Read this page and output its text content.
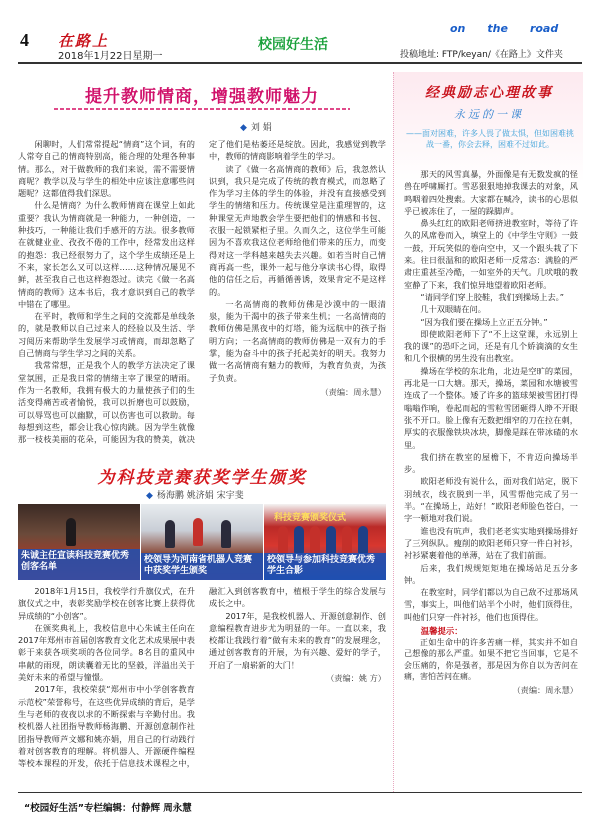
4 在路上
2018年1月22日星期一
校园好生活
on the road
投稿地址: FTP/keyan/《在路上》文件夹
提升教师情商，增强教师魅力
◆ 刘 娟

闲聊时，人们常常提起“情商”这个词，有的人常夸自己的情商特别高，能合理的处理各种事情。那么，对于做教师的我们来说，需不需要情商呢？教学以及与学生的相处中应该注意哪些问题呢？这都值得我们深思。

什么是情商？为什么教师情商在课堂上如此重要？我认为情商就是一种能力，一种创造，一种技巧，一种能让我们手感开的方法。很多教师在就健业业、孜孜不倦的工作中，经常发出这样的抱怨：我已经很努力了，这个学生成绩还是上不来，家长怎么又可以这样……这种情况屡见不鲜，甚至我自己也这样抱怨过。读完《做一名高情商的教师》这本书后，我才意识到自己的教学中错在了哪里。

在平时，教师和学生之间的交流都是单线条的，就是教师以自己过来人的经验以及生活、学习阅历来帮助学生发展学习或情商，而却忽略了自己情商与学生学习之间的关系。

我常常想，正是我个人的教学方法决定了课堂氛围，正是我日常的情绪主宰了课堂的晴雨。作为一名教师，我拥有极大的力量使孩子们的生活变得痛苦或者愉悦，我可以折磨也可以鼓励，可以辱骂也可以幽默，可以伤害也可以救助。每每想到这些，都会让我心惊肉跳。因为学生就像那一枝枝美丽的花朵，可能因为我的赞美，就决定了他们是枯萎还是绽放。因此，我感觉到教学中，教师的情商影响着学生的学习。

读了《做一名高情商的教师》后，我忽然认识到，我只是完成了传统的教育模式，而忽略了作为学习主体的学生的体验，并没有直接感受到学生的情绪和压力。传统课堂是注重理智的，这种课堂无声地教会学生要把他们的情感和书包、衣服一起锁紧柜子里。久而久之，这位学生可能因为不喜欢我这位老师给他们带来的压力，而变得对这一学科越来越失去兴趣。如若当时自己情商再高一些，课外一起与他分享读书心得，取得他的信任之后，再循循善诱，效果肯定不是这样的。

一名高情商的教师仿佛是沙漠中的一眼清泉，能为干渴中的孩子带来生机；一名高情商的教师仿佛是黑夜中的灯塔，能为远航中的孩子指明方向；一名高情商的教师仿佛是一双有力的手掌，能为奋斗中的孩子托起美好的明天。我努力做一名高情商有魅力的教师，为教育负责，为孩子负责。

（责编：周永慧）
为科技竞赛获奖学生颁奖
◆ 杨海鹏 姚济娟 宋宇斐
朱诚主任宣读科技竞赛优秀创客名单
校领导为河南省机器人竞赛中获奖学生颁奖
科技竞赛颁奖仪式
校领导与参加科技竞赛优秀学生合影

2018年1月15日，我校学行升旗仪式，在升旗仪式之中，表彰奖励学校在创客比赛上获得优异成绩的“小创客”。

在颁奖典礼上，我校信息中心朱诚主任向在2017年郑州市首届创客教育文化艺术成果展中表彰于来获各项奖项的各位同学。8名目的重风中串献的雨现，朗读囊着无比的坚毅，洋溢出关于美好未来的希望与憧憬。

2017年，我校荣获“郑州市中小学创客教育示范校”荣誉称号，在这些优异成绩的背后，是学生与老师的夜夜以求的不断探索与辛勤付出。我校机器人社团指导教师杨海鹏、开源创意制作社团指导教师芦文娜和姚亦娟，用自己的行动践行着对创客教育的理解。将机器人、开源硬件编程等校本课程的开发，依托于信息技术课程之中，融汇入到创客教育中，植根于学生的综合发展与成长之中。

2017年，是我校机器人、开源创意制作、创意编程教育进步尤为明显的一年。一直以来，我校都让我践行着“做有未来的教育”的发展理念，通过创客教育的开展，为有兴趣、爱好的学子，开启了一扇崭新的大门！

（责编：姚 方）
经典励志心理故事
永远的一课
——面对困难，许多人畏了做太惧，但如困难挑战一番，你会去释，困难不过如此。

那天的风雪真暴，外面像是有无数发疯的怪兽在呼啸厮打。雪恶狠狠地掉我课去的对象，风鸣咽着四处搜索。大家都在喊冷，读书的心思似乎已被冻住了，一屋的跺脚声。

鼻头红红的欧阳老师挤进教室时，等待了许久的风席卷而入，填堂上的《中学生守则》一鼓一鼓，开玩笑似的卷向空中，又一个跟头栽了下来。往日很温和的欧阳老师一反常态：满脸的严肃庄重甚至冷酷，一如室外的天气。几吠哦的教室静了下来，我们惊异地望着欧阳老师。

“请同学们穿上胶鞋，我们到操场上去。”

几十双眼睛在问。

“因为我们要在操场上立正五分钟。”

即使欧阳老师下了“不上这堂课，永远别上我的课”的恐吓之词，还是有几个娇滴滴的女生和几个很横的男生没有出教室。

操场在学校的东北角，北边是空旷的菜园，再北是一口大塘。那天，操场，菜园和水塘被雪连成了一个整体。矮了许多的篮球架被雪团打得嗡嗡作响，卷起而起的雪粒雪团砸得人睁不开眼张不开口。脸上像有无数把细窄的刀在拉在刺，厚实的衣服像铁块冰块，脚像是踩在带冰碴的水里。

我们挤在教室的屋檐下，不肯迈向操场半步。

欧阳老师没有说什么，面对我们站定，脱下羽绒衣，线衣脱到一半，风雪帮他完成了另一半。“在操场上，站好！”欧阳老师脸色苍白，一字一顿地对我们说。

谁也没有吭声，我们老老实实地到操场排好了三列纵队。瘦削的欧阳老师只穿一件白衬衫，衬衫紧裹着他的单薄，站在了我们前面。

后来，我们规规矩矩地在操场站足五分多钟。

在教室时，同学们都以为自己敌不过那场风雪，事实上，叫他们站半个小时，他们顶得住，叫他们只穿一件衬衫，他们也顶得住。

温馨提示：
正如生命中的许多苦痛一样，其实并不如自己想像的那么严重。如果不把它当回事，它是不会压痛的，你是强者，那是因为你自以为苦问在痛，害怕苦问在痛。
（责编：周永慧）
“校园好生活”专栏编辑：付静辉 周永慧
